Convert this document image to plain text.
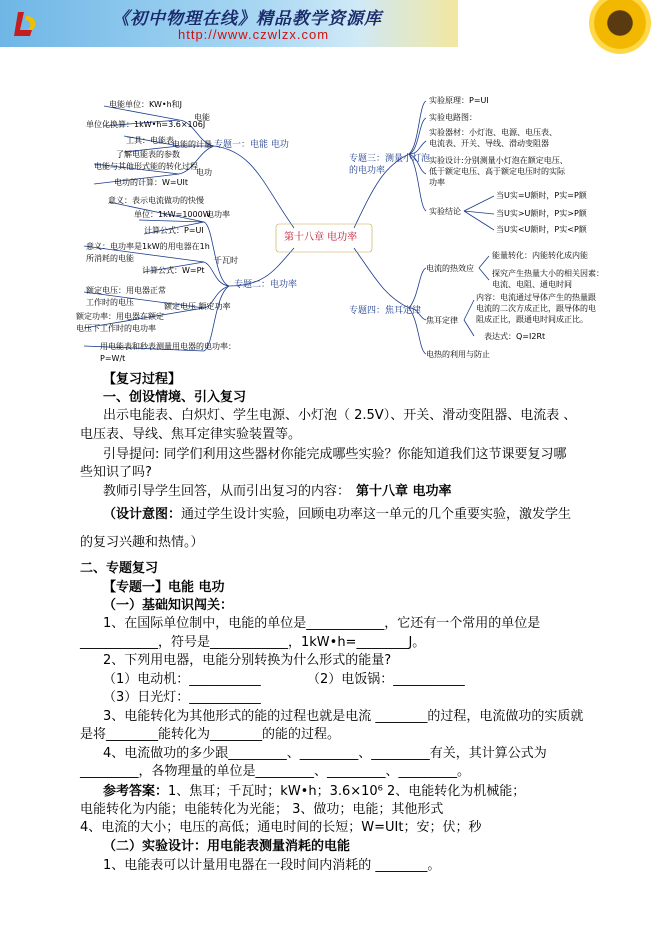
《初中物理在线》精品教学资源库
http://www.czwlzx.com
第十八章 电功率
专题一：电能 电功
专题二：电功率
专题三：测量小灯泡
的电功率
专题四：焦耳定律
电能单位：KW•h和J
单位化换算：1kW•h=3.6×106J
电能
工具：电能表
电能的计量
了解电能表的参数
电能与其他形式能的转化过程
电功
电功的计算：W=UIt
意义：表示电流做功的快慢
单位：1kW=1000W
电功率
计算公式：P=UI
意义：电功率是1kW的用电器在1h
所消耗的电能	千瓦时
计算公式：W=Pt
额定电压：用电器正常
工作时的电压	额定电压 额定功率
额定功率：用电器在额定
电压下工作时的电功率
用电能表和秒表测量用电器的电功率：
P=W/t
实验原理：P=UI
实验电路图：
实验器材：小灯泡、电源、电压表、
电流表、开关、导线、滑动变阻器
实验设计:分别测量小灯泡在额定电压、
低于额定电压、高于额定电压时的实际
功率
实验结论
当U实=U额时，P实=P额
当U实>U额时，P实>P额
当U实<U额时，P实<P额
电流的热效应
能量转化：内能转化成内能
探究产生热量大小的相关因素：
电流、电阻、通电时间
焦耳定律
内容：电流通过导体产生的热量跟
电流的二次方成正比，跟导体的电
阻成正比，跟通电时间成正比。
表达式：Q=I2Rt
电热的利用与防止
【复习过程】
一、创设情境、引入复习
出示电能表、白炽灯、学生电源、小灯泡（ 2.5V）、开关、滑动变阻器、电流表 、
电压表、导线、焦耳定律实验装置等。
引导提问: 同学们利用这些器材你能完成哪些实验？你能知道我们这节课要复习哪
些知识了吗?
教师引导学生回答，从而引出复习的内容： 第十八章 电功率
（设计意图：通过学生设计实验，回顾电功率这一单元的几个重要实验，激发学生
的复习兴趣和热情。）
二、专题复习
【专题一】电能 电功
（一）基础知识闯关：
1、在国际单位制中，电能的单位是____________，它还有一个常用的单位是
____________，符号是____________，1kW•h=________J。
2、下列用电器，电能分别转换为什么形式的能量?
（1）电动机：___________	（2）电饭锅：___________
（3）日光灯：___________
3、电能转化为其他形式的能的过程也就是电流 ________的过程，电流做功的实质就
是将________能转化为________的能的过程。
4、电流做功的多少跟_________、_________、_________有关，其计算公式为
_________，各物理量的单位是_________、_________、_________。
参考答案：1、焦耳；千瓦时；kW•h；3.6×10⁶ 2、电能转化为机械能；
电能转化为内能；电能转化为光能； 3、做功；电能；其他形式
4、电流的大小；电压的高低；通电时间的长短；W=UIt；安；伏；秒
（二）实验设计：用电能表测量消耗的电能
1、电能表可以计量用电器在一段时间内消耗的 ________。
